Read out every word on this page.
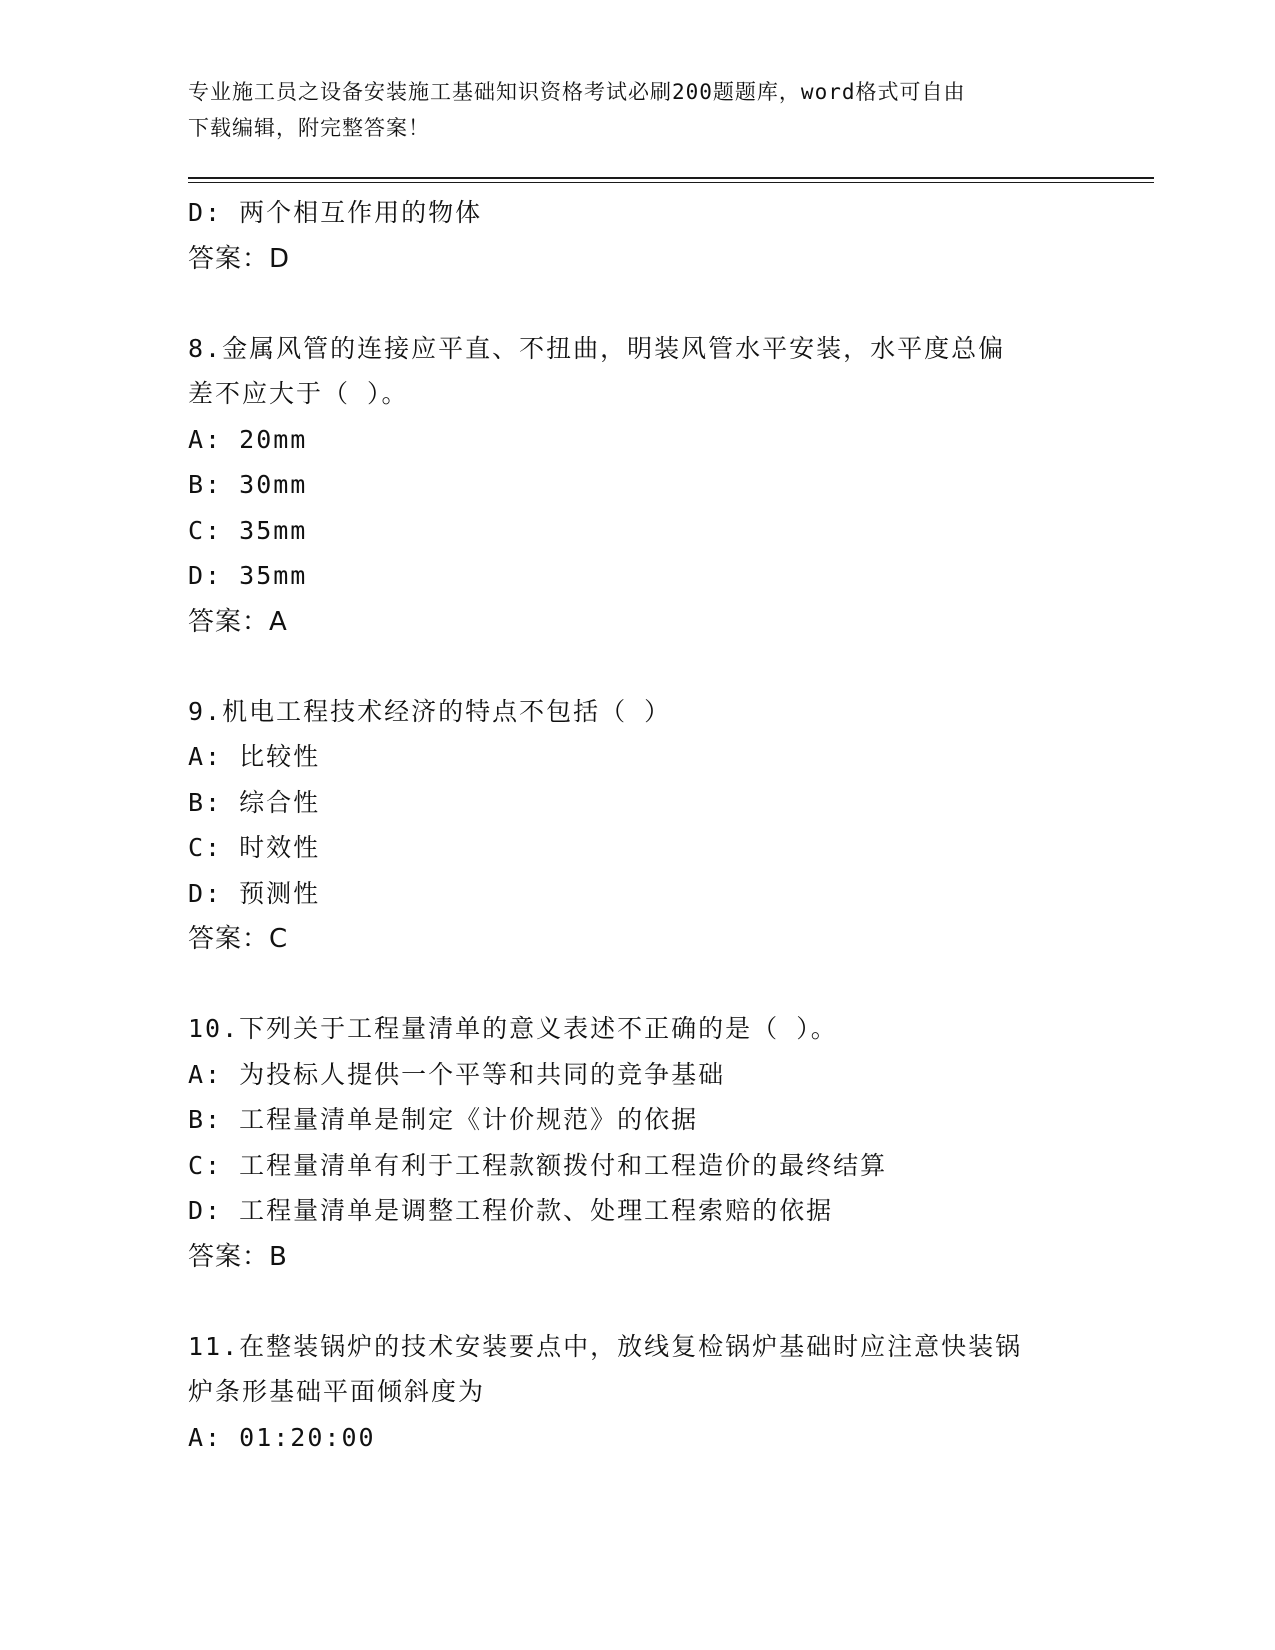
专业施工员之设备安装施工基础知识资格考试必刷200题题库，word格式可自由
下载编辑，附完整答案！
D: 两个相互作用的物体
答案：D
8.金属风管的连接应平直、不扭曲，明装风管水平安装，水平度总偏
差不应大于（ ）。
A: 20mm
B: 30mm
C: 35mm
D: 35mm
答案：A
9.机电工程技术经济的特点不包括（ ）
A: 比较性
B: 综合性
C: 时效性
D: 预测性
答案：C
10.下列关于工程量清单的意义表述不正确的是（ ）。
A: 为投标人提供一个平等和共同的竞争基础
B: 工程量清单是制定《计价规范》的依据
C: 工程量清单有利于工程款额拨付和工程造价的最终结算
D: 工程量清单是调整工程价款、处理工程索赔的依据
答案：B
11.在整装锅炉的技术安装要点中，放线复检锅炉基础时应注意快装锅
炉条形基础平面倾斜度为
A: 01:20:00
